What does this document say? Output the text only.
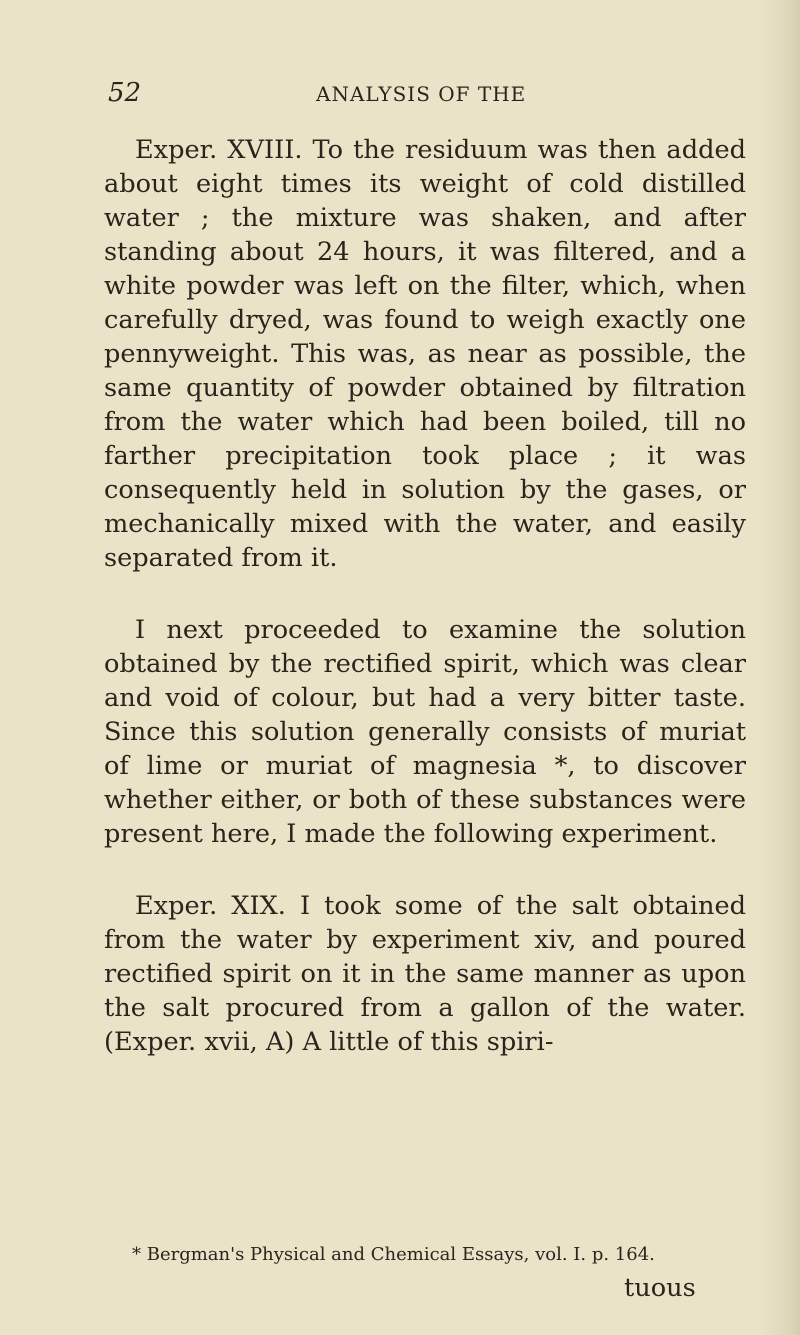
52	ANALYSIS OF THE

Exper. XVIII. To the residuum was then added about eight times its weight of cold distilled water ; the mixture was shaken, and after standing about 24 hours, it was filtered, and a white powder was left on the filter, which, when carefully dryed, was found to weigh exactly one pennyweight. This was, as near as possible, the same quantity of powder obtained by filtration from the water which had been boiled, till no farther precipitation took place ; it was consequently held in solution by the gases, or mechanically mixed with the water, and easily separated from it.

I next proceeded to examine the solution obtained by the rectified spirit, which was clear and void of colour, but had a very bitter taste. Since this solution generally consists of muriat of lime or muriat of magnesia *, to discover whether either, or both of these substances were present here, I made the following experiment.

Exper. XIX. I took some of the salt obtained from the water by experiment xiv, and poured rectified spirit on it in the same manner as upon the salt procured from a gallon of the water. (Exper. xvii, A) A little of this spiri-

* Bergman's Physical and Chemical Essays, vol. I. p. 164.
tuous
